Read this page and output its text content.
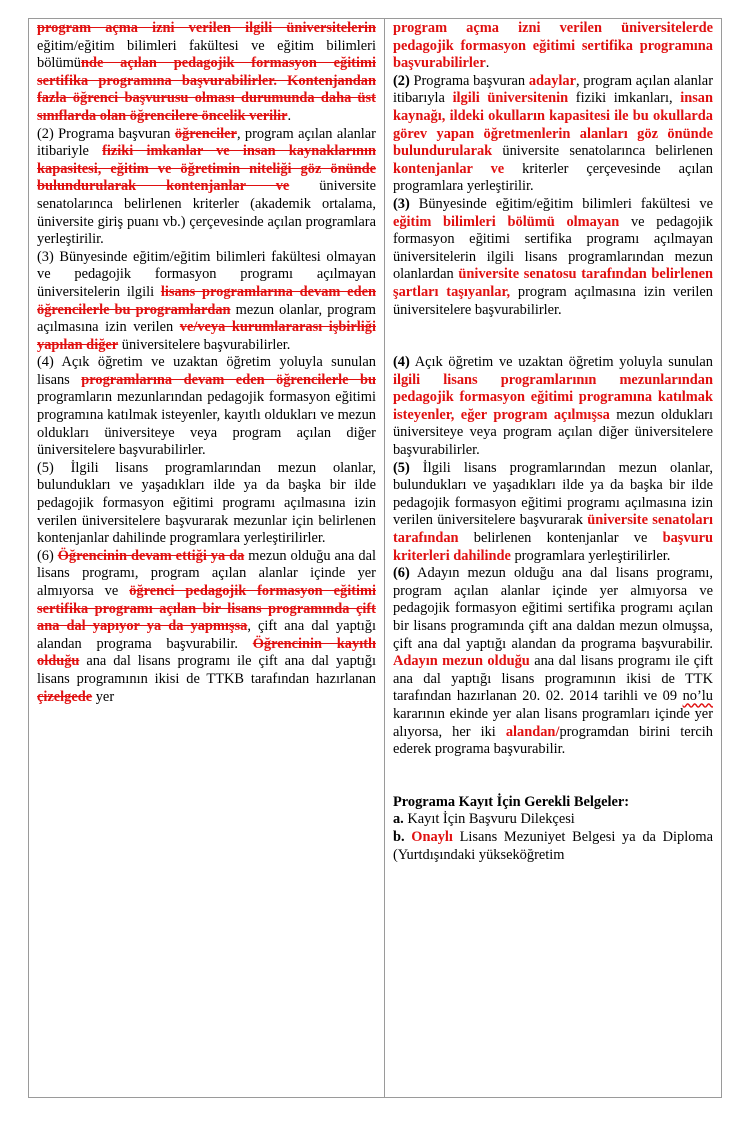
program açma izni verilen ilgili üniversitelerin eğitim/eğitim bilimleri fakültesi ve eğitim bilimleri bölümünde açılan pedagojik formasyon eğitimi sertifika programına başvurabilirler. Kontenjandan fazla öğrenci başvurusu olması durumunda daha üst sınıflarda olan öğrencilere öncelik verilir.

(2) Programa başvuran öğrenciler, program açılan alanlar itibariyle fiziki imkanlar ve insan kaynaklarının kapasitesi, eğitim ve öğretimin niteliği göz önünde bulundurularak kontenjanlar ve üniversite senatolarınca belirlenen kriterler (akademik ortalama, üniversite giriş puanı vb.) çerçevesinde açılan programlara yerleştirilir.

(3) Bünyesinde eğitim/eğitim bilimleri fakültesi olmayan ve pedagojik formasyon programı açılmayan üniversitelerin ilgili lisans programlarına devam eden öğrencilerle bu programlardan mezun olanlar, program açılmasına izin verilen ve/veya kurumlararası işbirliği yapılan diğer üniversitelere başvurabilirler.

(4) Açık öğretim ve uzaktan öğretim yoluyla sunulan lisans programlarına devam eden öğrencilerle bu programların mezunlarından pedagojik formasyon eğitimi programına katılmak isteyenler, kayıtlı oldukları ve mezun oldukları üniversiteye veya program açılan diğer üniversitelere başvurabilirler.

(5) İlgili lisans programlarından mezun olanlar, bulundukları ve yaşadıkları ilde ya da başka bir ilde pedagojik formasyon eğitimi programı açılmasına izin verilen üniversitelere başvurarak mezunlar için belirlenen kontenjanlar dahilinde programlara yerleştirilirler.

(6) Öğrencinin devam ettiği ya da mezun olduğu ana dal lisans programı, program açılan alanlar içinde yer almıyorsa ve öğrenci pedagojik formasyon eğitimi sertifika programı açılan bir lisans programında çift ana dal yapıyor ya da yapmışsa, çift ana dal yaptığı alandan programa başvurabilir. Öğrencinin kayıtlı olduğu ana dal lisans programı ile çift ana dal yaptığı lisans programının ikisi de TTKB tarafından hazırlanan çizelgede yer

program açma izni verilen üniversitelerde pedagojik formasyon eğitimi sertifika programına başvurabilirler.

(2) Programa başvuran adaylar, program açılan alanlar itibarıyla ilgili üniversitenin fiziki imkanları, insan kaynağı, ildeki okulların kapasitesi ile bu okullarda görev yapan öğretmenlerin alanları göz önünde bulundurularak üniversite senatolarınca belirlenen kontenjanlar ve kriterler çerçevesinde açılan programlara yerleştirilir.

(3) Bünyesinde eğitim/eğitim bilimleri fakültesi ve eğitim bilimleri bölümü olmayan ve pedagojik formasyon eğitimi sertifika programı açılmayan üniversitelerin ilgili lisans programlarından mezun olanlardan üniversite senatosu tarafından belirlenen şartları taşıyanlar, program açılmasına izin verilen üniversitelere başvurabilirler.

(4) Açık öğretim ve uzaktan öğretim yoluyla sunulan ilgili lisans programlarının mezunlarından pedagojik formasyon eğitimi programına katılmak isteyenler, eğer program açılmışsa mezun oldukları üniversiteye veya program açılan diğer üniversitelere başvurabilirler.

(5) İlgili lisans programlarından mezun olanlar, bulundukları ve yaşadıkları ilde ya da başka bir ilde pedagojik formasyon eğitimi programı açılmasına izin verilen üniversitelere başvurarak üniversite senatoları tarafından belirlenen kontenjanlar ve başvuru kriterleri dahilinde programlara yerleştirilirler.

(6) Adayın mezun olduğu ana dal lisans programı, program açılan alanlar içinde yer almıyorsa ve pedagojik formasyon eğitimi sertifika programı açılan bir lisans programında çift ana daldan mezun olmuşsa, çift ana dal yaptığı alandan da programa başvurabilir. Adayın mezun olduğu ana dal lisans programı ile çift ana dal yaptığı lisans programının ikisi de TTK tarafından hazırlanan 20. 02. 2014 tarihli ve 09 no’lu kararının ekinde yer alan lisans programları içinde yer alıyorsa, her iki alandan/programdan birini tercih ederek programa başvurabilir.

Programa Kayıt İçin Gerekli Belgeler:

a. Kayıt İçin Başvuru Dilekçesi

b. Onaylı Lisans Mezuniyet Belgesi ya da Diploma (Yurtdışındaki yükseköğretim
